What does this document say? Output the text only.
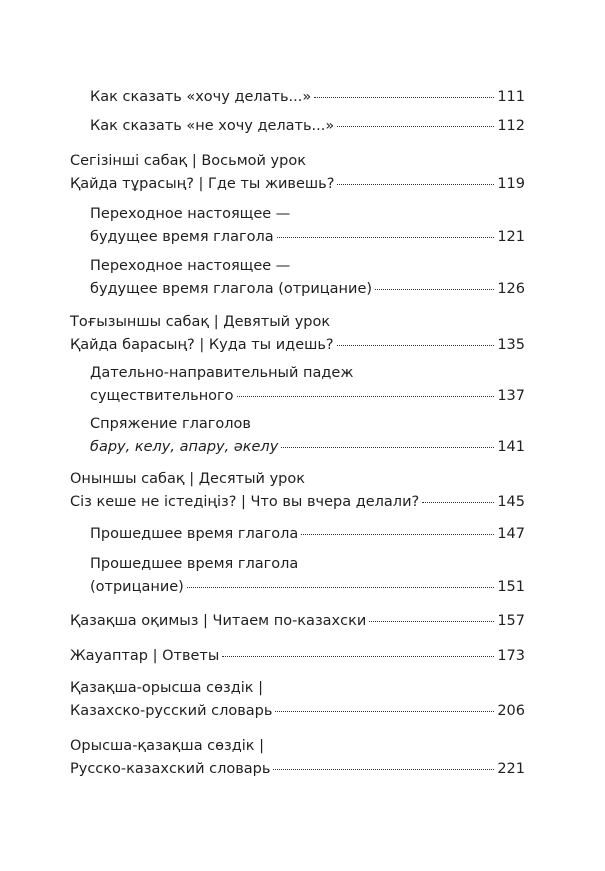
Как сказать «хочу делать...»	111
Как сказать «не хочу делать...»	112
Сегізінші сабақ | Восьмой урок
Қайда тұрасың? | Где ты живешь?	119
Переходное настоящее —
будущее время глагола	121
Переходное настоящее —
будущее время глагола (отрицание)	126
Тоғызыншы сабақ | Девятый урок
Қайда барасың? | Куда ты идешь?	135
Дательно-направительный падеж
существительного	137
Спряжение глаголов
бару, келу, апару, әкелу	141
Оныншы сабақ | Десятый урок
Сіз кеше не істедіңіз? | Что вы вчера делали?	145
Прошедшее время глагола	147
Прошедшее время глагола
(отрицание)	151
Қазақша оқимыз | Читаем по-казахски	157
Жауаптар | Ответы	173
Қазақша-орысша сөздік |
Казахско-русский словарь	206
Орысша-қазақша сөздік |
Русско-казахский словарь	221
